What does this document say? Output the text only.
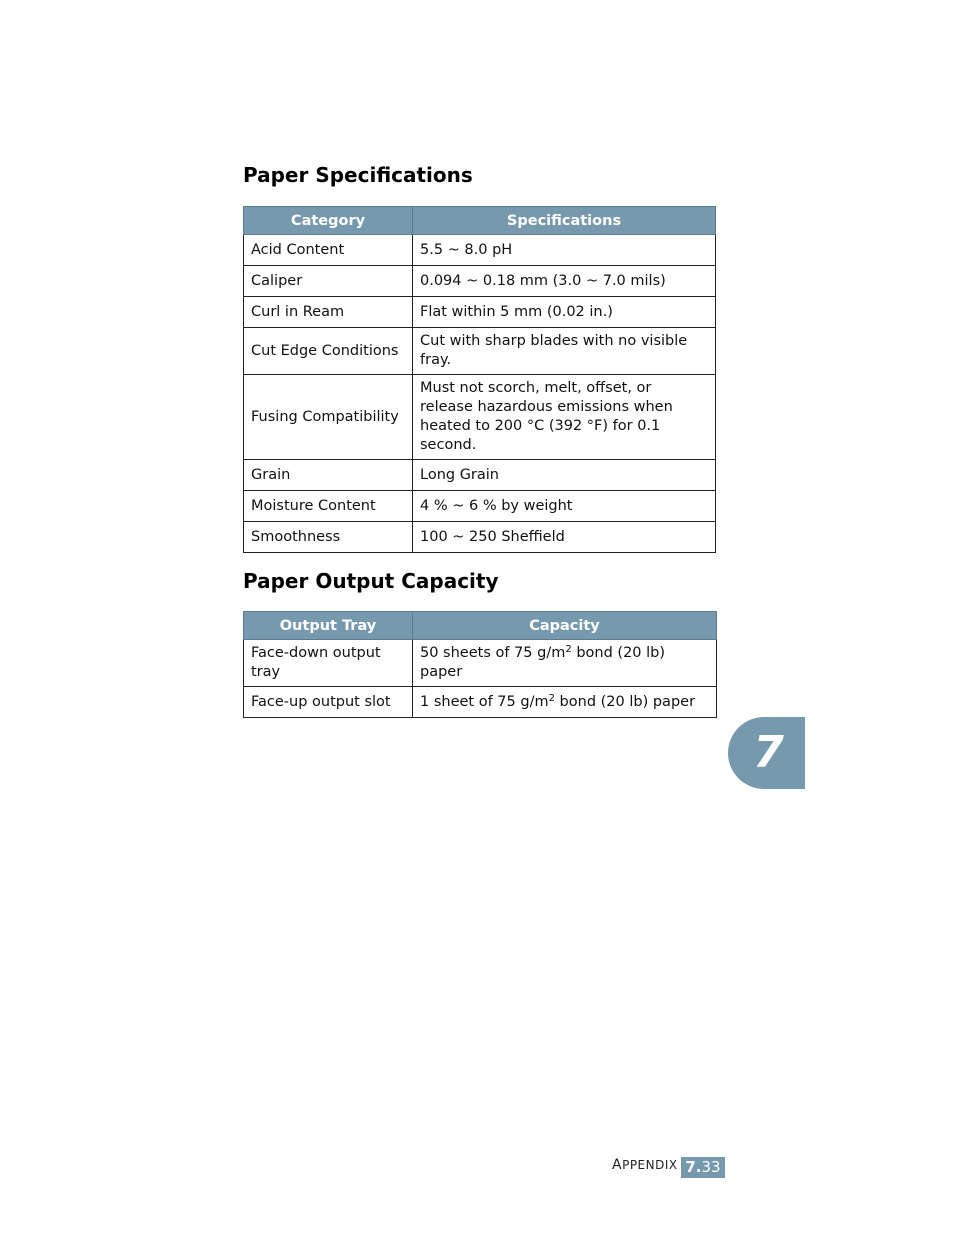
Paper Specifications
Category	Specifications
Acid Content	5.5 ~ 8.0 pH
Caliper	0.094 ~ 0.18 mm (3.0 ~ 7.0 mils)
Curl in Ream	Flat within 5 mm (0.02 in.)
Cut Edge Conditions	Cut with sharp blades with no visible fray.
Fusing Compatibility	Must not scorch, melt, offset, or release hazardous emissions when heated to 200 °C (392 °F) for 0.1 second.
Grain	Long Grain
Moisture Content	4 % ~ 6 % by weight
Smoothness	100 ~ 250 Sheffield
Paper Output Capacity
Output Tray	Capacity
Face-down output tray	50 sheets of 75 $g/m^2$ bond (20 lb) paper
Face-up output slot	1 sheet of 75 $g/m^2$ bond (20 lb) paper
7
APPENDIX 7.33
